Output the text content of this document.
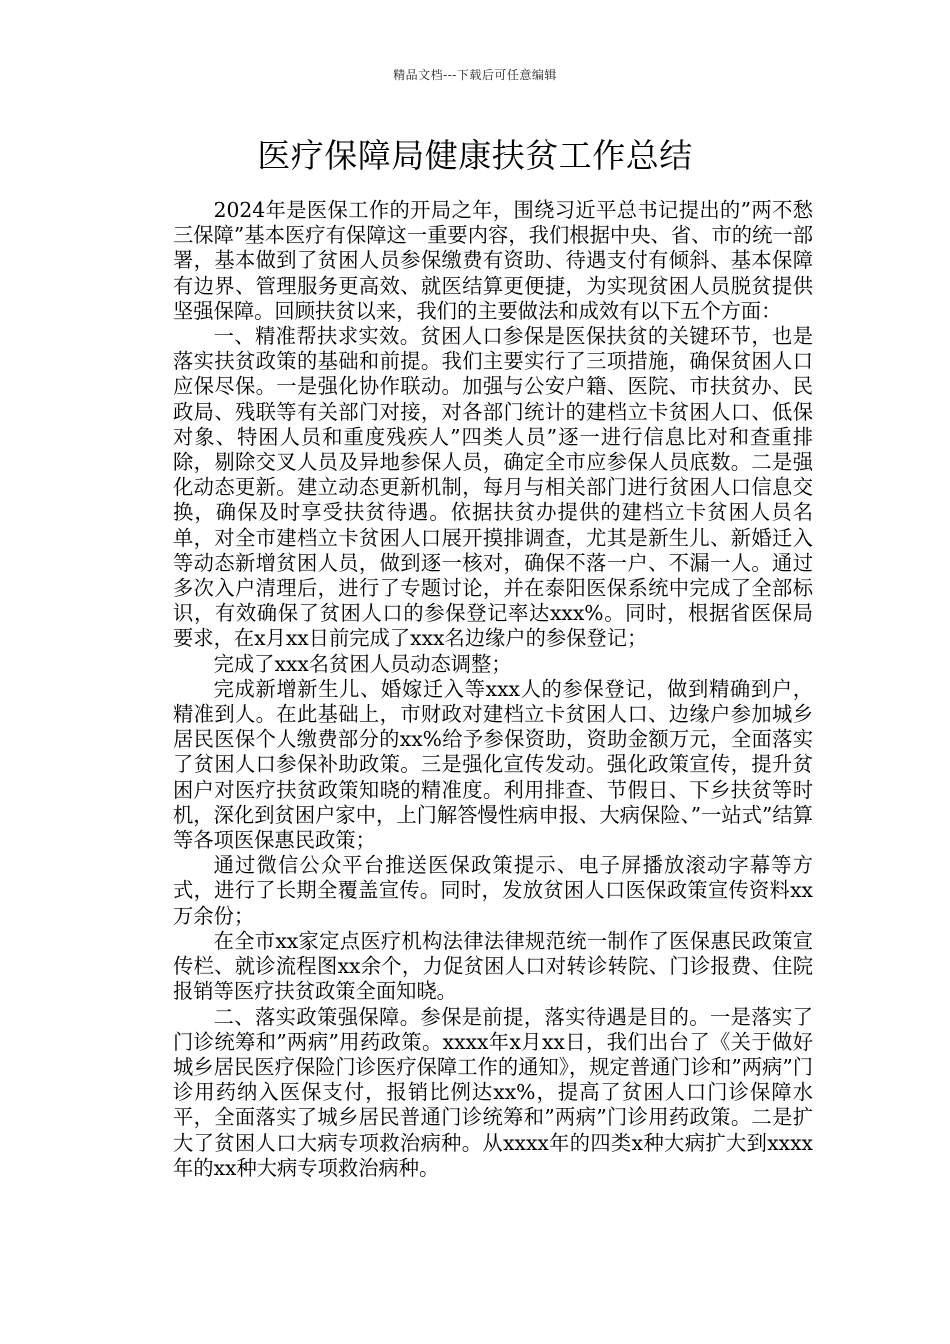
精品文档---下载后可任意编辑
医疗保障局健康扶贫工作总结

2024年是医保工作的开局之年，围绕习近平总书记提出的”两不愁三保障”基本医疗有保障这一重要内容，我们根据中央、省、市的统一部署，基本做到了贫困人员参保缴费有资助、待遇支付有倾斜、基本保障有边界、管理服务更高效、就医结算更便捷，为实现贫困人员脱贫提供坚强保障。回顾扶贫以来，我们的主要做法和成效有以下五个方面：

一、精准帮扶求实效。贫困人口参保是医保扶贫的关键环节，也是落实扶贫政策的基础和前提。我们主要实行了三项措施，确保贫困人口应保尽保。一是强化协作联动。加强与公安户籍、医院、市扶贫办、民政局、残联等有关部门对接，对各部门统计的建档立卡贫困人口、低保对象、特困人员和重度残疾人”四类人员”逐一进行信息比对和查重排除，剔除交叉人员及异地参保人员，确定全市应参保人员底数。二是强化动态更新。建立动态更新机制，每月与相关部门进行贫困人口信息交换，确保及时享受扶贫待遇。依据扶贫办提供的建档立卡贫困人员名单，对全市建档立卡贫困人口展开摸排调查，尤其是新生儿、新婚迁入等动态新增贫困人员，做到逐一核对，确保不落一户、不漏一人。通过多次入户清理后，进行了专题讨论，并在泰阳医保系统中完成了全部标识，有效确保了贫困人口的参保登记率达xxx%。同时，根据省医保局要求，在x月xx日前完成了xxx名边缘户的参保登记；

完成了xxx名贫困人员动态调整；

完成新增新生儿、婚嫁迁入等xxx人的参保登记，做到精确到户，精准到人。在此基础上，市财政对建档立卡贫困人口、边缘户参加城乡居民医保个人缴费部分的xx%给予参保资助，资助金额万元，全面落实了贫困人口参保补助政策。三是强化宣传发动。强化政策宣传，提升贫困户对医疗扶贫政策知晓的精准度。利用排查、节假日、下乡扶贫等时机，深化到贫困户家中，上门解答慢性病申报、大病保险、”一站式”结算等各项医保惠民政策；

通过微信公众平台推送医保政策提示、电子屏播放滚动字幕等方式，进行了长期全覆盖宣传。同时，发放贫困人口医保政策宣传资料xx万余份；

在全市xx家定点医疗机构法律法律规范统一制作了医保惠民政策宣传栏、就诊流程图xx余个，力促贫困人口对转诊转院、门诊报费、住院报销等医疗扶贫政策全面知晓。

二、落实政策强保障。参保是前提，落实待遇是目的。一是落实了门诊统筹和”两病”用药政策。xxxx年x月xx日，我们出台了《关于做好城乡居民医疗保险门诊医疗保障工作的通知》，规定普通门诊和”两病”门诊用药纳入医保支付，报销比例达xx%，提高了贫困人口门诊保障水平，全面落实了城乡居民普通门诊统筹和”两病”门诊用药政策。二是扩大了贫困人口大病专项救治病种。从xxxx年的四类x种大病扩大到xxxx年的xx种大病专项救治病种。
